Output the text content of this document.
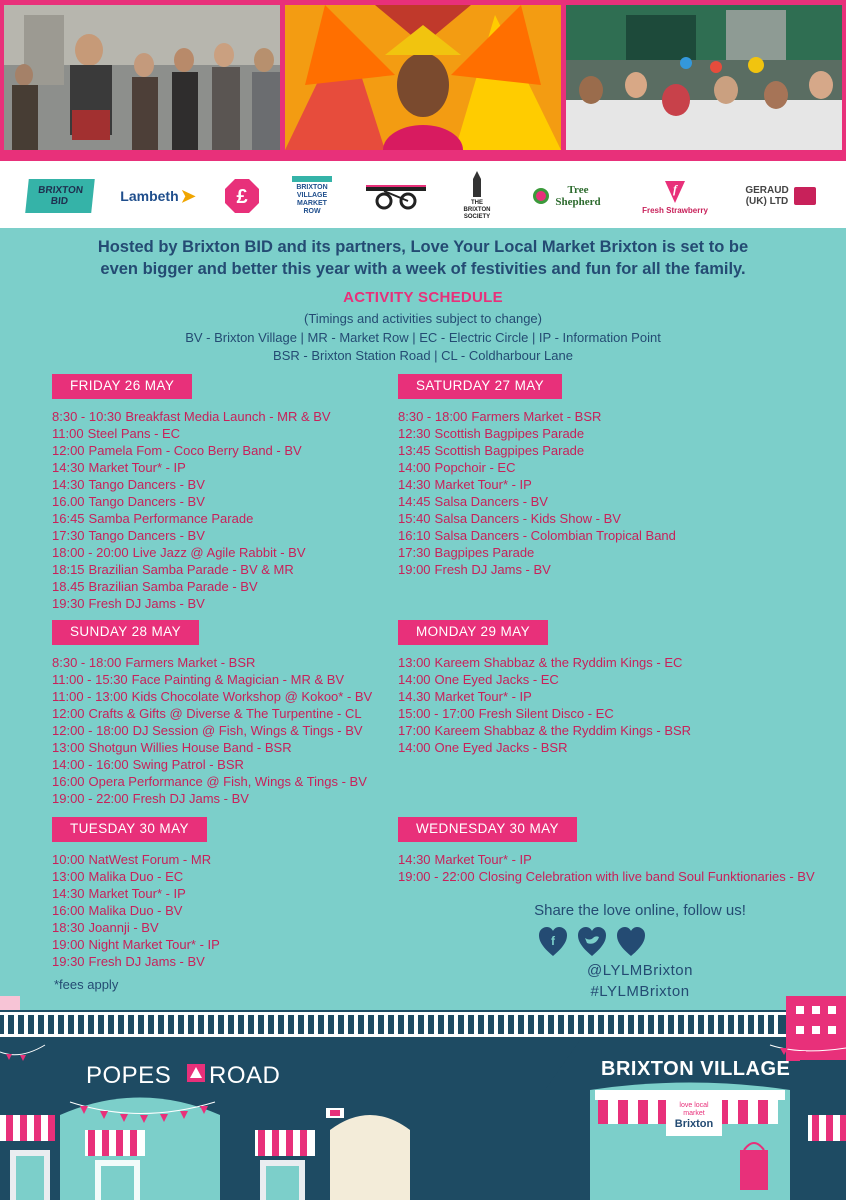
BRIXTON BID	Lambeth ➤ £	BRIXTON VILLAGE MARKET ROW
THE BRIXTON SOCIETY
Tree Shepherd
f
Fresh Strawberry
GERAUD (UK) LTD
Hosted by Brixton BID and its partners, Love Your Local Market Brixton is set to be
even bigger and better this year with a week of festivities and fun for all the family.
ACTIVITY SCHEDULE
(Timings and activities subject to change)
BV - Brixton Village | MR - Market Row | EC - Electric Circle | IP - Information Point
BSR - Brixton Station Road | CL - Coldharbour Lane
FRIDAY 26 MAY
8:30 - 10:30 Breakfast Media Launch - MR & BV
11:00 Steel Pans - EC
12:00 Pamela Fom - Coco Berry Band - BV
14:30 Market Tour* - IP
14:30 Tango Dancers - BV
16.00 Tango Dancers - BV
16:45 Samba Performance Parade
17:30 Tango Dancers - BV
18:00 - 20:00 Live Jazz @ Agile Rabbit - BV
18:15 Brazilian Samba Parade - BV & MR
18.45 Brazilian Samba Parade - BV
19:30 Fresh DJ Jams - BV
SATURDAY 27 MAY
8:30 - 18:00 Farmers Market - BSR
12:30 Scottish Bagpipes Parade
13:45 Scottish Bagpipes Parade
14:00 Popchoir - EC
14:30 Market Tour* - IP
14:45 Salsa Dancers - BV
15:40 Salsa Dancers - Kids Show - BV
16:10 Salsa Dancers - Colombian Tropical Band
17:30 Bagpipes Parade
19:00 Fresh DJ Jams - BV
SUNDAY 28 MAY
8:30 - 18:00 Farmers Market - BSR
11:00 - 15:30 Face Painting & Magician - MR & BV
11:00 - 13:00 Kids Chocolate Workshop @ Kokoo* - BV
12:00 Crafts & Gifts @ Diverse & The Turpentine - CL
12:00 - 18:00 DJ Session @ Fish, Wings & Tings - BV
13:00 Shotgun Willies House Band - BSR
14:00 - 16:00 Swing Patrol - BSR
16:00 Opera Performance @ Fish, Wings & Tings - BV
19:00 - 22:00 Fresh DJ Jams - BV
MONDAY 29 MAY
13:00 Kareem Shabbaz & the Ryddim Kings - EC
14:00 One Eyed Jacks - EC
14.30 Market Tour* - IP
15:00 - 17:00 Fresh Silent Disco - EC
17:00 Kareem Shabbaz & the Ryddim Kings - BSR
14:00 One Eyed Jacks - BSR
TUESDAY 30 MAY
10:00 NatWest Forum - MR
13:00 Malika Duo - EC
14:30 Market Tour* - IP
16:00 Malika Duo - BV
18:30 Joannji - BV
19:00 Night Market Tour* - IP
19:30 Fresh DJ Jams - BV
WEDNESDAY 30 MAY
14:30 Market Tour* - IP
19:00 - 22:00 Closing Celebration with live band Soul Funktionaries - BV
*fees apply
Share the love online, follow us!
f
@LYLMBrixton
#LYLMBrixton
POPES ROAD	BRIXTON VILLAGE
love local
market
Brixton
